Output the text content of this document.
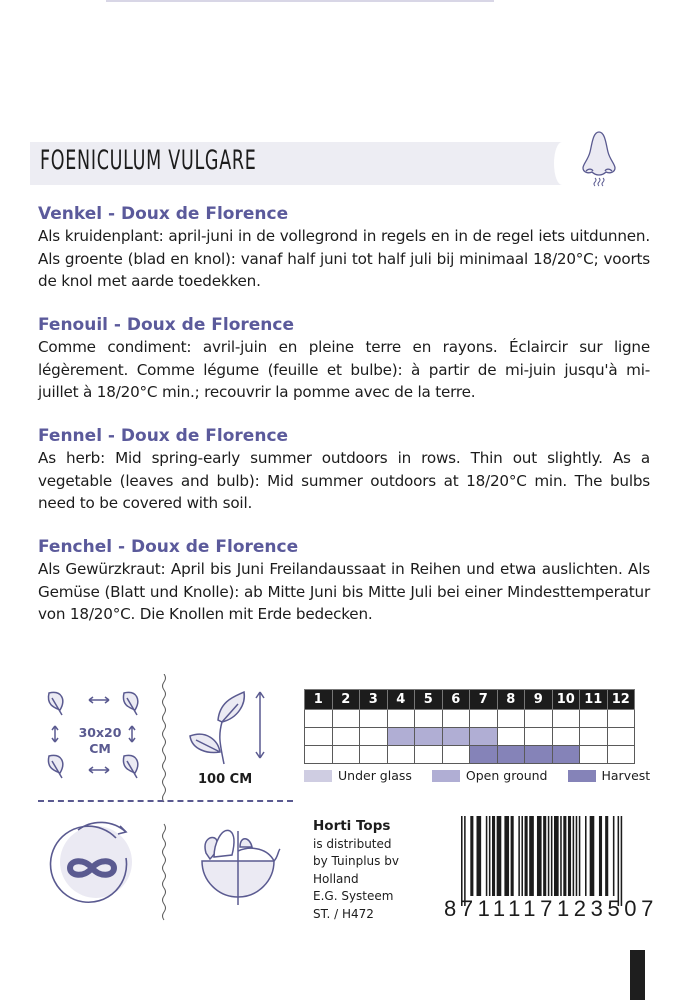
FOENICULUM VULGARE
Venkel - Doux de Florence

Als kruidenplant: april-juni in de vollegrond in regels en in de regel iets uitdunnen. Als groente (blad en knol): vanaf half juni tot half juli bij minimaal 18/20°C; voorts de knol met aarde toedekken.

Fenouil - Doux de Florence

Comme condiment: avril-juin en pleine terre en rayons. Éclaircir sur ligne légèrement. Comme légume (feuille et bulbe): à partir de mi-juin jusqu'à mi- juillet à 18/20°C min.; recouvrir la pomme avec de la terre.

Fennel - Doux de Florence

As herb: Mid spring-early summer outdoors in rows. Thin out slightly. As a vegetable (leaves and bulb): Mid summer outdoors at 18/20°C min. The bulbs need to be covered with soil.

Fenchel - Doux de Florence

Als Gewürzkraut: April bis Juni Freilandaussaat in Reihen und etwa auslichten. Als Gemüse (Blatt und Knolle): ab Mitte Juni bis Mitte Juli bei einer Mindesttemperatur von 18/20°C. Die Knollen mit Erde bedecken.

30x20
CM
100 CM
1	2	3	4	5	6	7	8	9	10	11	12

Under glass	Open ground	Harvest
Horti Tops
is distributed
by Tuinplus bv
Holland
E.G. Systeem
ST. / H472	8711117123507
